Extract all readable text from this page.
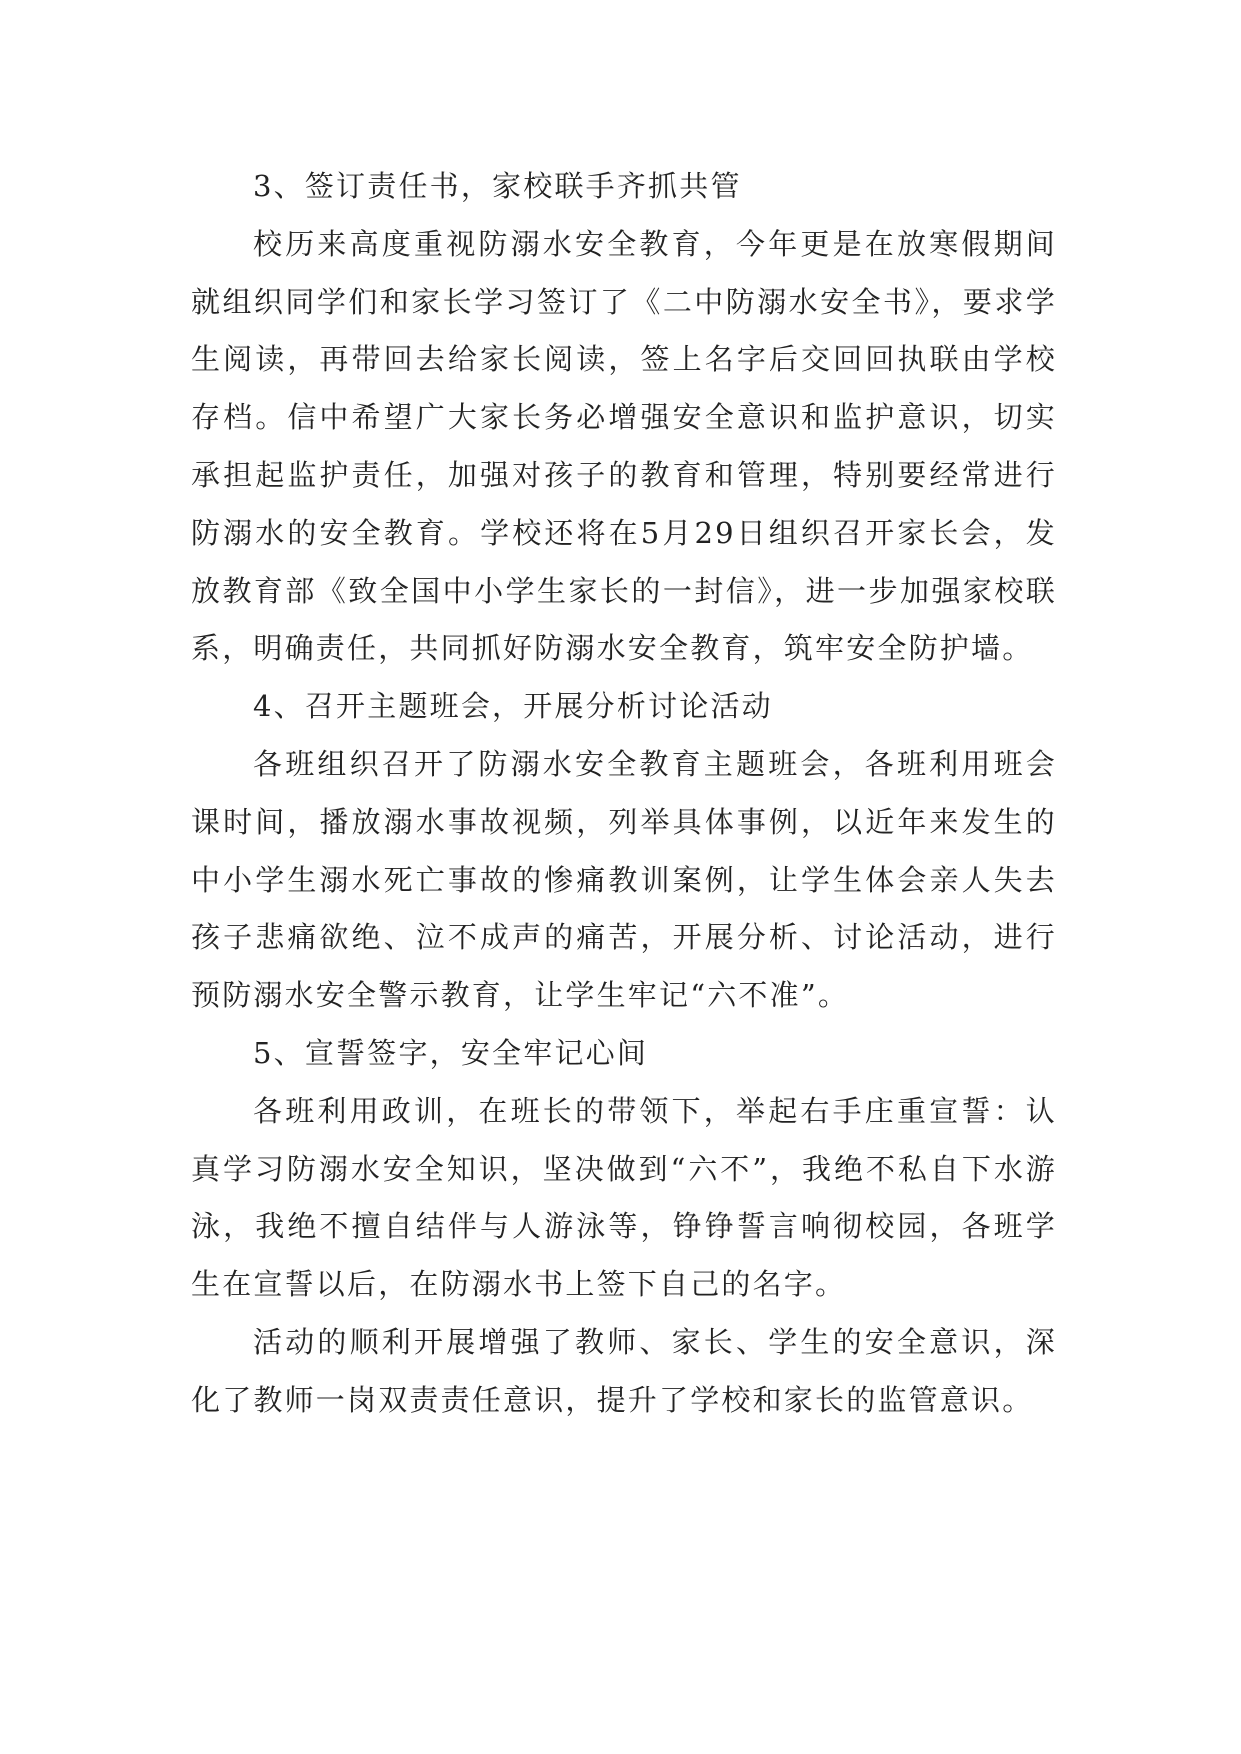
3、签订责任书，家校联手齐抓共管

校历来高度重视防溺水安全教育，今年更是在放寒假期间就组织同学们和家长学习签订了《二中防溺水安全书》，要求学生阅读，再带回去给家长阅读，签上名字后交回回执联由学校存档。信中希望广大家长务必增强安全意识和监护意识，切实承担起监护责任，加强对孩子的教育和管理，特别要经常进行防溺水的安全教育。学校还将在5月29日组织召开家长会，发放教育部《致全国中小学生家长的一封信》，进一步加强家校联系，明确责任，共同抓好防溺水安全教育，筑牢安全防护墙。

4、召开主题班会，开展分析讨论活动

各班组织召开了防溺水安全教育主题班会，各班利用班会课时间，播放溺水事故视频，列举具体事例，以近年来发生的中小学生溺水死亡事故的惨痛教训案例，让学生体会亲人失去孩子悲痛欲绝、泣不成声的痛苦，开展分析、讨论活动，进行预防溺水安全警示教育，让学生牢记“六不准”。

5、宣誓签字，安全牢记心间

各班利用政训，在班长的带领下，举起右手庄重宣誓：认真学习防溺水安全知识，坚决做到“六不”，我绝不私自下水游泳，我绝不擅自结伴与人游泳等，铮铮誓言响彻校园，各班学生在宣誓以后，在防溺水书上签下自己的名字。

活动的顺利开展增强了教师、家长、学生的安全意识，深化了教师一岗双责责任意识，提升了学校和家长的监管意识。
